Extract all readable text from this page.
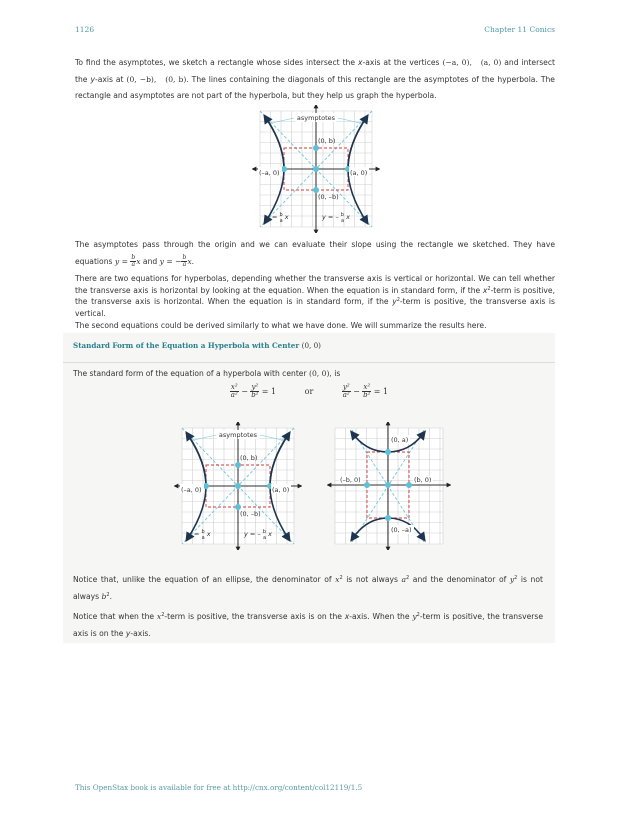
1126	Chapter 11 Conics
To find the asymptotes, we sketch a rectangle whose sides intersect the x-axis at the vertices (−a, 0), (a, 0) and intersect the y-axis at (0, −b), (0, b). The lines containing the diagonals of this rectangle are the asymptotes of the hyperbola. The rectangle and asymptotes are not part of the hyperbola, but they help us graph the hyperbola.
asymptotes
(0, b)
(0, –b)
(–a, 0)	(a, 0)
y = $^b$ a x	y = – $^b$ a x
The asymptotes pass through the origin and we can evaluate their slope using the rectangle we sketched. They have equations $y = \frac{b}{a}$ x and y = − $\frac{b}{a} x$.
There are two equations for hyperbolas, depending whether the transverse axis is vertical or horizontal. We can tell whether the transverse axis is horizontal by looking at the equation. When the equation is in standard form, if the $x^2$-term is positive, the transverse axis is horizontal. When the equation is in standard form, if the $y^2$-term is positive, the transverse axis is vertical.
The second equations could be derived similarly to what we have done. We will summarize the results here.
Standard Form of the Equation a Hyperbola with Center (0, 0)
The standard form of the equation of a hyperbola with center (0, 0), is
$\frac{\text{x²}}{\text{a²}} - \frac{\text{y²}}{\text{b²}} = 1$	or	$\frac{\text{y²}}{\text{a²}} - \frac{\text{x²}}{\text{b²}} = 1$
asymptotes
(0, b)
(0, –b)
(–a, 0)	(a, 0)
y = $^b$ a x	y = – $^b$ a x
(0, a)
(0, –a)
(–b, 0)	(b, 0)
Notice that, unlike the equation of an ellipse, the denominator of $x^2$ is not always $a^2$ and the denominator of $y^2$ is not always $b^2$.
Notice that when the $x^2$-term is positive, the transverse axis is on the x-axis. When the $y^2$-term is positive, the transverse axis is on the y-axis.
This OpenStax book is available for free at http://cnx.org/content/col12119/1.5
